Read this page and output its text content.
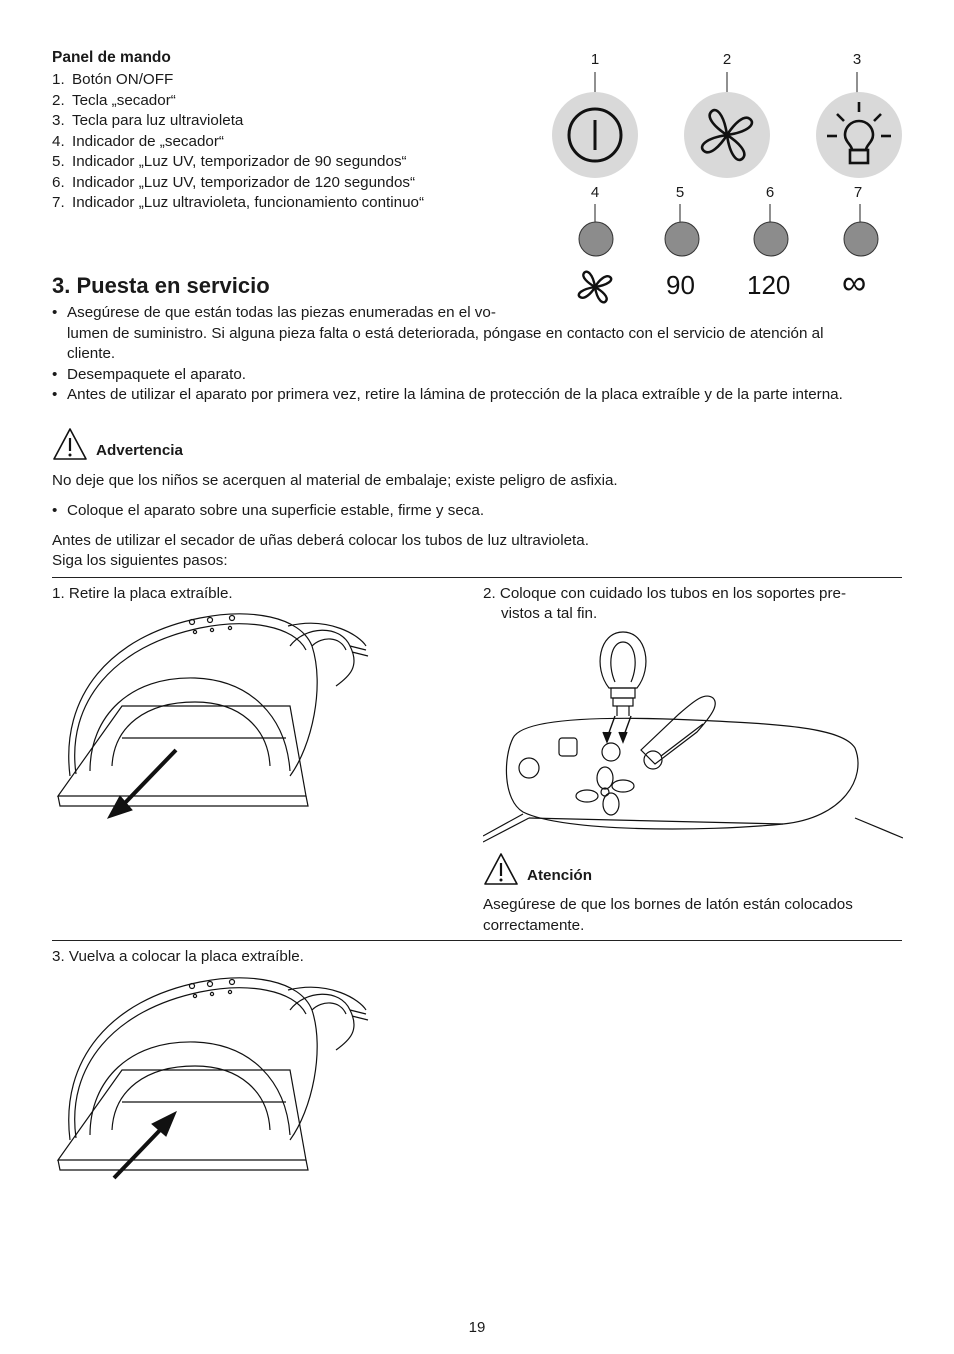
Panel de mando
1. Botón ON/OFF
2. Tecla „secador“
3. Tecla para luz ultravioleta
4. Indicador de „secador“
5. Indicador „Luz UV, temporizador de 90 segundos“
6. Indicador „Luz UV, temporizador de 120 segundos“
7. Indicador „Luz ultravioleta, funcionamiento continuo“
1	2	3
4	5	6	7
90 120 ∞
3. Puesta en servicio
• Asegúrese de que están todas las piezas enumeradas en el vo-
lumen de suministro. Si alguna pieza falta o está deteriorada, póngase en contacto con el servicio de atención al
cliente.
• Desempaquete el aparato.
• Antes de utilizar el aparato por primera vez, retire la lámina de protección de la placa extraíble y de la parte interna.
Advertencia
No deje que los niños se acerquen al material de embalaje; existe peligro de asfixia.
• Coloque el aparato sobre una superficie estable, firme y seca.
Antes de utilizar el secador de uñas deberá colocar los tubos de luz ultravioleta.
Siga los siguientes pasos:
1. Retire la placa extraíble.	2. Coloque con cuidado los tubos en los soportes pre-
vistos a tal fin.
Atención
Asegúrese de que los bornes de latón están colocados
correctamente.
3. Vuelva a colocar la placa extraíble.
19
